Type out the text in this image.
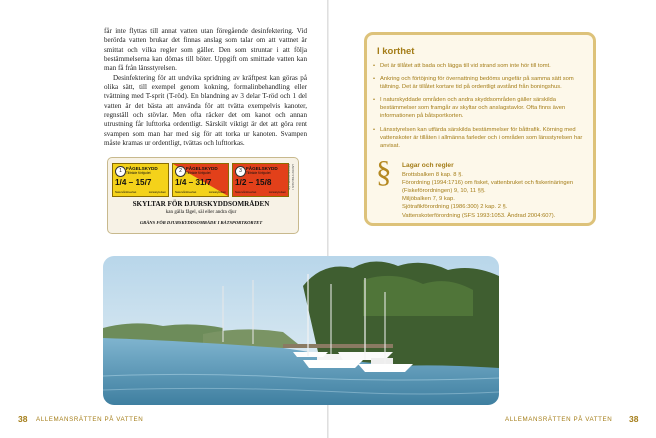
får inte flyttas till annat vatten utan föregående desinfektering. Vid berörda vatten brukar det finnas anslag som talar om att vattnet är smittat och vilka regler som gäller. Den som struntar i att följa bestämmelserna kan dömas till böter. Uppgift om smittade vatten kan man få från länsstyrelsen.

Desinfektering för att undvika spridning av kräftpest kan göras på olika sätt, till exempel genom kokning, formalinbehandling eller tvättning med T-sprit (T-röd). En blandning av 3 delar T-röd och 1 del vatten är det bästa att använda för att tvätta exempelvis kanoter, regnställ och stövlar. Men ofta räcker det om kanot och annan utrustning får lufttorka ordentligt. Särskilt viktigt är det att göra rent svampen som man har med sig för att torka ur kanoten. Svampen måste kramas ur ordentligt, tvättas och lufttorkas.

1 FÅGELSKYDD
Tillträde förbjudet
1/4 – 15/7
Naturvårdsverket	Länsstyrelsen
2 FÅGELSKYDD
Tillträde förbjudet
1/4 – 31/7
Naturvårdsverket	Länsstyrelsen
3 FÅGELSKYDD
Tillträde förbjudet
1/2 – 15/8
Naturvårdsverket	Länsstyrelsen
LANSSTYRELSEN I STOCKHOLMS LÄN
SKYLTAR FÖR DJURSKYDDSOMRÅDEN
kan gälla fågel, säl eller andra djur
GRÄNS FÖR DJURSKYDDSOMRÅDE I BÅTSPORTKORTET
I korthet
• Det är tillåtet att bada och lägga till vid strand som inte hör till tomt.
• Ankring och förtöjning för övernattning bedöms ungefär på samma sätt som tältning. Det är tillåtet kortare tid på ordentligt avstånd från boningshus.
• I naturskyddade områden och andra skyddsområden gäller särskilda bestämmelser som framgår av skyltar och anslagstavlor. Ofta finns även informationen på båtsportkorten.
• Länsstyrelsen kan utfärda särskilda bestämmelser för båttrafik. Körning med vattenskoter är tillåten i allmänna farleder och i områden som länsstyrelsen har anvisat.
§ Lagar och regler
Brottsbalken 8 kap. 8 §.
Förordning (1994:1716) om fisket, vattenbruket och fiskerinäringen (Fiskeförordningen) 9, 10, 11 §§.
Miljöbalken 7, 9 kap.
Sjötrafikförordning (1986:300) 2 kap. 2 §.
Vattenskoterförordning (SFS 1993:1053. Ändrad 2004:607).
38 ALLEMANSRÄTTEN PÅ VATTEN	ALLEMANSRÄTTEN PÅ VATTEN 38
